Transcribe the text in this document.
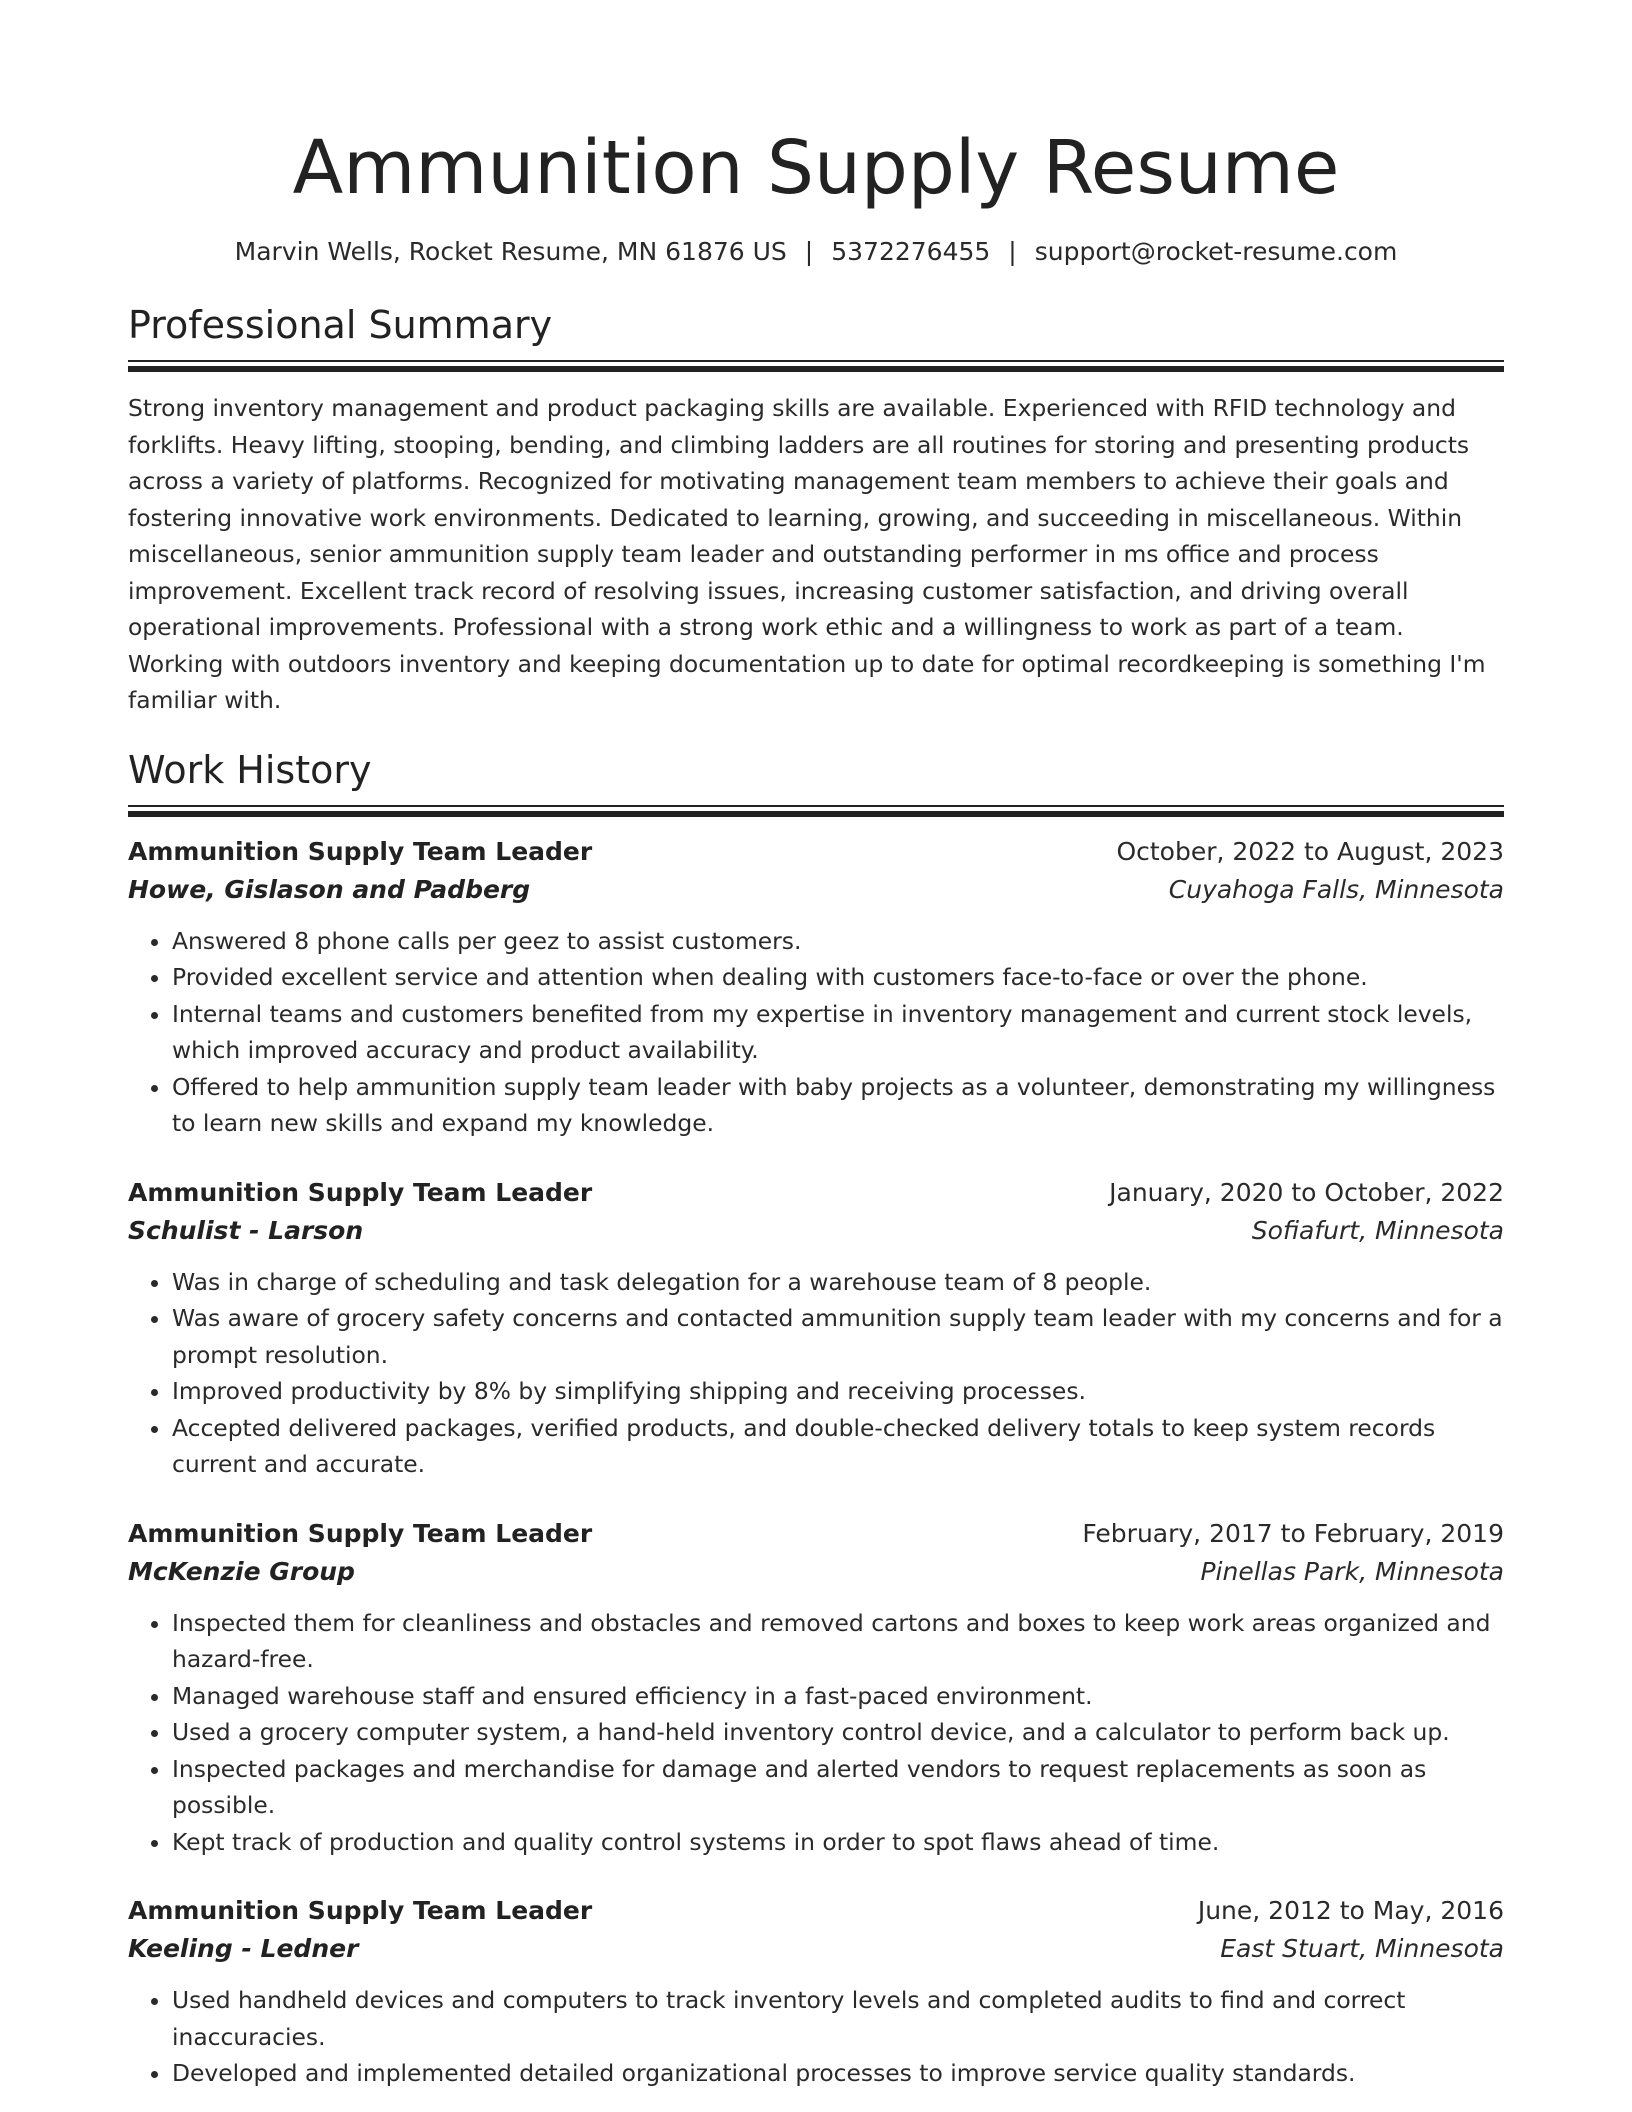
Ammunition Supply Resume
Marvin Wells, Rocket Resume, MN 61876 US | 5372276455 | support@rocket-resume.com
Professional Summary
Strong inventory management and product packaging skills are available. Experienced with RFID technology and forklifts. Heavy lifting, stooping, bending, and climbing ladders are all routines for storing and presenting products across a variety of platforms. Recognized for motivating management team members to achieve their goals and fostering innovative work environments. Dedicated to learning, growing, and succeeding in miscellaneous. Within miscellaneous, senior ammunition supply team leader and outstanding performer in ms office and process improvement. Excellent track record of resolving issues, increasing customer satisfaction, and driving overall operational improvements. Professional with a strong work ethic and a willingness to work as part of a team. Working with outdoors inventory and keeping documentation up to date for optimal recordkeeping is something I'm familiar with.
Work History
Ammunition Supply Team Leader	October, 2022 to August, 2023
Howe, Gislason and Padberg	Cuyahoga Falls, Minnesota
• Answered 8 phone calls per geez to assist customers.
• Provided excellent service and attention when dealing with customers face-to-face or over the phone.
• Internal teams and customers benefited from my expertise in inventory management and current stock levels, which improved accuracy and product availability.
• Offered to help ammunition supply team leader with baby projects as a volunteer, demonstrating my willingness to learn new skills and expand my knowledge.
Ammunition Supply Team Leader	January, 2020 to October, 2022
Schulist - Larson	Sofiafurt, Minnesota
• Was in charge of scheduling and task delegation for a warehouse team of 8 people.
• Was aware of grocery safety concerns and contacted ammunition supply team leader with my concerns and for a prompt resolution.
• Improved productivity by 8% by simplifying shipping and receiving processes.
• Accepted delivered packages, verified products, and double-checked delivery totals to keep system records current and accurate.
Ammunition Supply Team Leader	February, 2017 to February, 2019
McKenzie Group	Pinellas Park, Minnesota
• Inspected them for cleanliness and obstacles and removed cartons and boxes to keep work areas organized and hazard-free.
• Managed warehouse staff and ensured efficiency in a fast-paced environment.
• Used a grocery computer system, a hand-held inventory control device, and a calculator to perform back up.
• Inspected packages and merchandise for damage and alerted vendors to request replacements as soon as possible.
• Kept track of production and quality control systems in order to spot flaws ahead of time.
Ammunition Supply Team Leader	June, 2012 to May, 2016
Keeling - Ledner	East Stuart, Minnesota
• Used handheld devices and computers to track inventory levels and completed audits to find and correct inaccuracies.
• Developed and implemented detailed organizational processes to improve service quality standards.
